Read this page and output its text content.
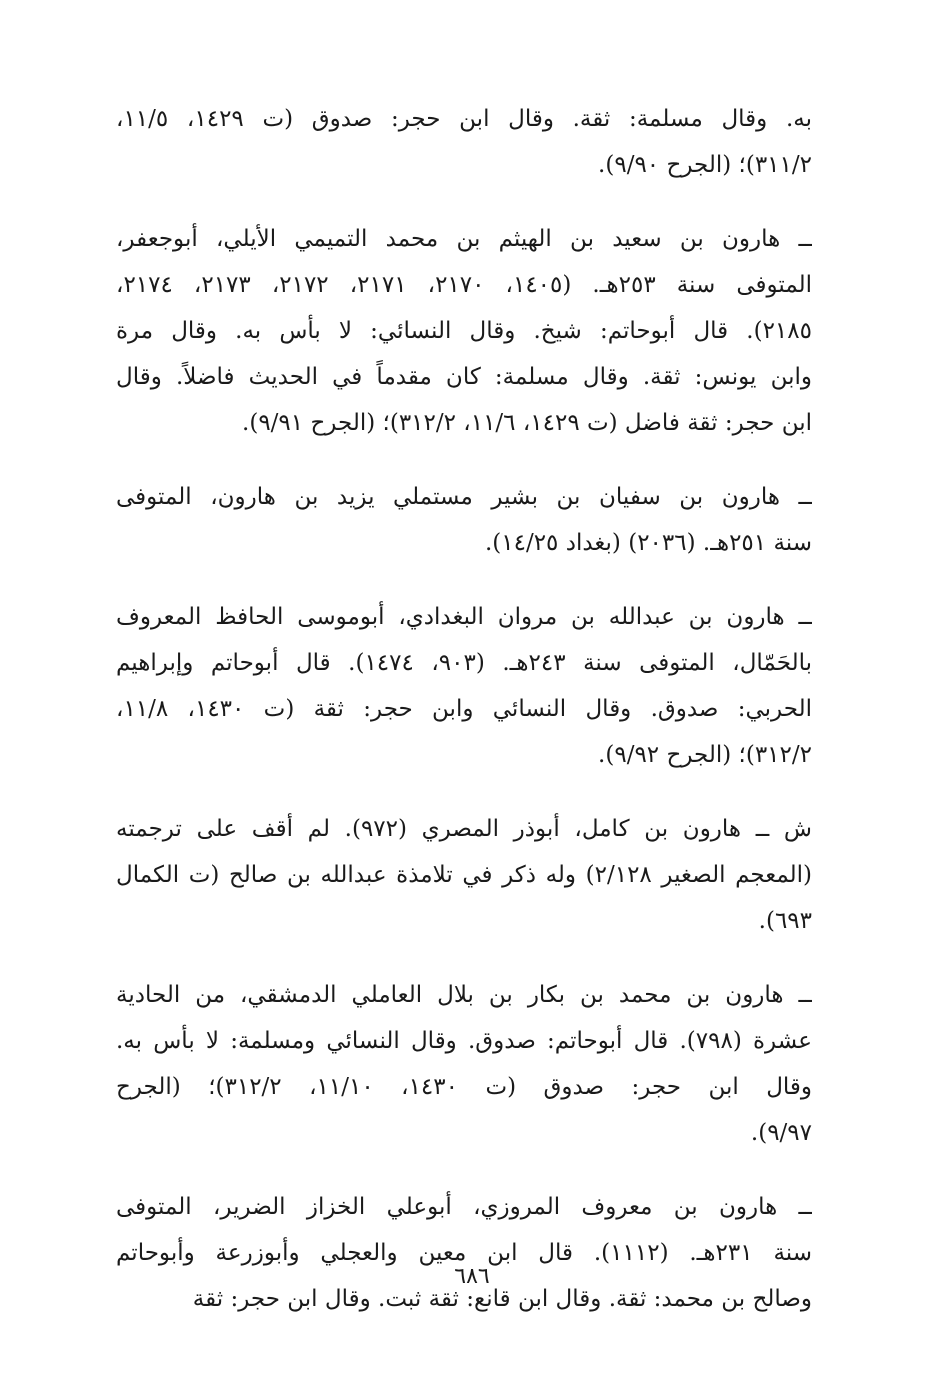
به. وقال مسلمة: ثقة. وقال ابن حجر: صدوق (ت ١٤٢٩، ١١/٥،
٣١١/٢)؛ (الجرح ٩/٩٠).
ــ هارون بن سعيد بن الهيثم بن محمد التميمي الأيلي، أبوجعفر،
المتوفى سنة ٢٥٣هـ. (١٤٠٥، ٢١٧٠، ٢١٧١، ٢١٧٢، ٢١٧٣، ٢١٧٤،
٢١٨٥). قال أبوحاتم: شيخ. وقال النسائي: لا بأس به. وقال مرة
وابن يونس: ثقة. وقال مسلمة: كان مقدماً في الحديث فاضلاً. وقال
ابن حجر: ثقة فاضل (ت ١٤٢٩، ١١/٦، ٣١٢/٢)؛ (الجرح ٩/٩١).
ــ هارون بن سفيان بن بشير مستملي يزيد بن هارون، المتوفى
سنة ٢٥١هـ. (٢٠٣٦) (بغداد ١٤/٢٥).
ــ هارون بن عبدالله بن مروان البغدادي، أبوموسى الحافظ المعروف
بالحَمّال، المتوفى سنة ٢٤٣هـ. (٩٠٣، ١٤٧٤). قال أبوحاتم وإبراهيم
الحربي: صدوق. وقال النسائي وابن حجر: ثقة (ت ١٤٣٠، ١١/٨،
٣١٢/٢)؛ (الجرح ٩/٩٢).
ش ــ هارون بن كامل، أبوذر المصري (٩٧٢). لم أقف على ترجمته
(المعجم الصغير ٢/١٢٨) وله ذكر في تلامذة عبدالله بن صالح (ت الكمال
٦٩٣).
ــ هارون بن محمد بن بكار بن بلال العاملي الدمشقي، من الحادية
عشرة (٧٩٨). قال أبوحاتم: صدوق. وقال النسائي ومسلمة: لا بأس به.
وقال ابن حجر: صدوق (ت ١٤٣٠، ١١/١٠، ٣١٢/٢)؛ (الجرح
٩/٩٧).
ــ هارون بن معروف المروزي، أبوعلي الخزاز الضرير، المتوفى
سنة ٢٣١هـ. (١١١٢). قال ابن معين والعجلي وأبوزرعة وأبوحاتم
وصالح بن محمد: ثقة. وقال ابن قانع: ثقة ثبت. وقال ابن حجر: ثقة
٦٨٦
